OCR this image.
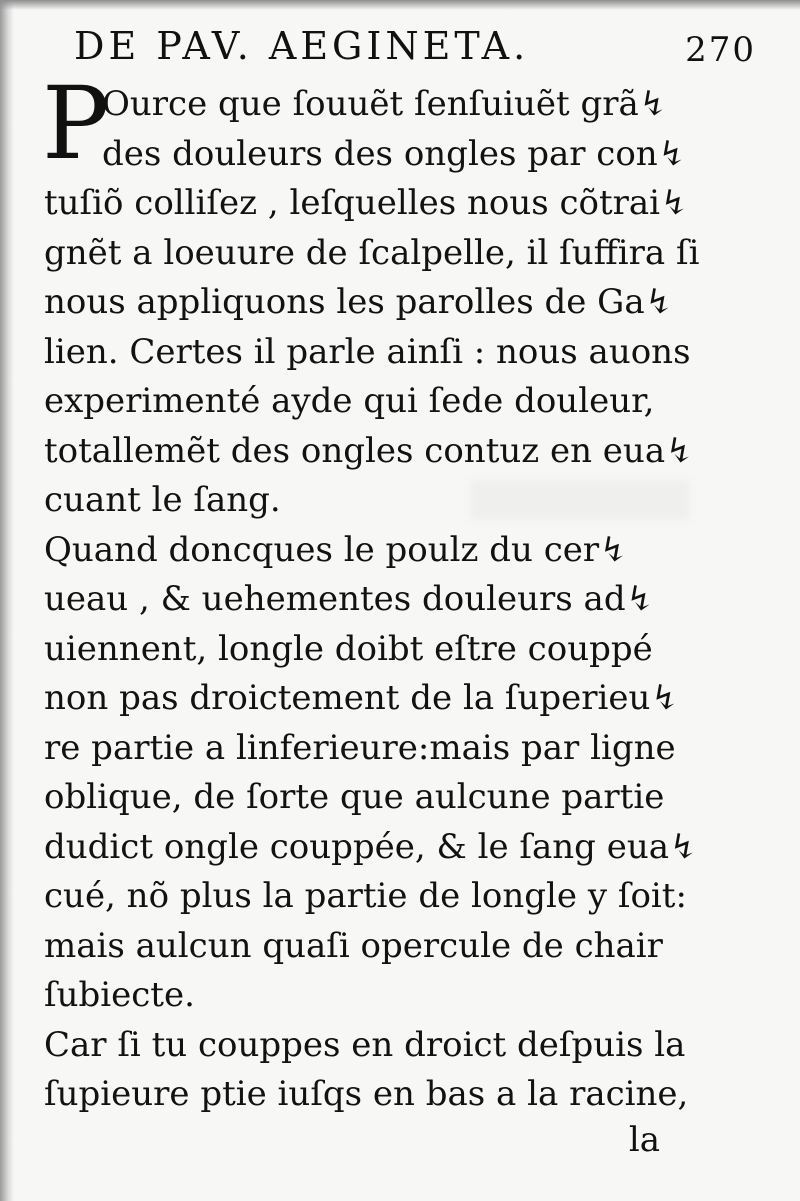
DE PAV. AEGINETA.	270
P
Ource que ſouuẽt ſenſuiuẽt grã↯
des douleurs des ongles par con↯
tuſiõ colliſez , leſquelles nous cõtrai↯
gnẽt a loeuure de ſcalpelle, il ſuffira ſi
nous appliquons les parolles de Ga↯
lien. Certes il parle ainſi : nous auons
experimenté ayde qui ſede douleur,
totallemẽt des ongles contuz en eua↯
cuant le ſang.
Quand doncques le poulz du cer↯
ueau , & uehementes douleurs ad↯
uiennent, longle doibt eſtre couppé
non pas droictement de la ſuperieu↯
re partie a linferieure:mais par ligne
oblique, de ſorte que aulcune partie
dudict ongle couppée, & le ſang eua↯
cué, nõ plus la partie de longle y ſoit:
mais aulcun quaſi opercule de chair
ſubiecte.
Car ſi tu couppes en droict deſpuis la
ſupieure ptie iuſqs en bas a la racine,
la
